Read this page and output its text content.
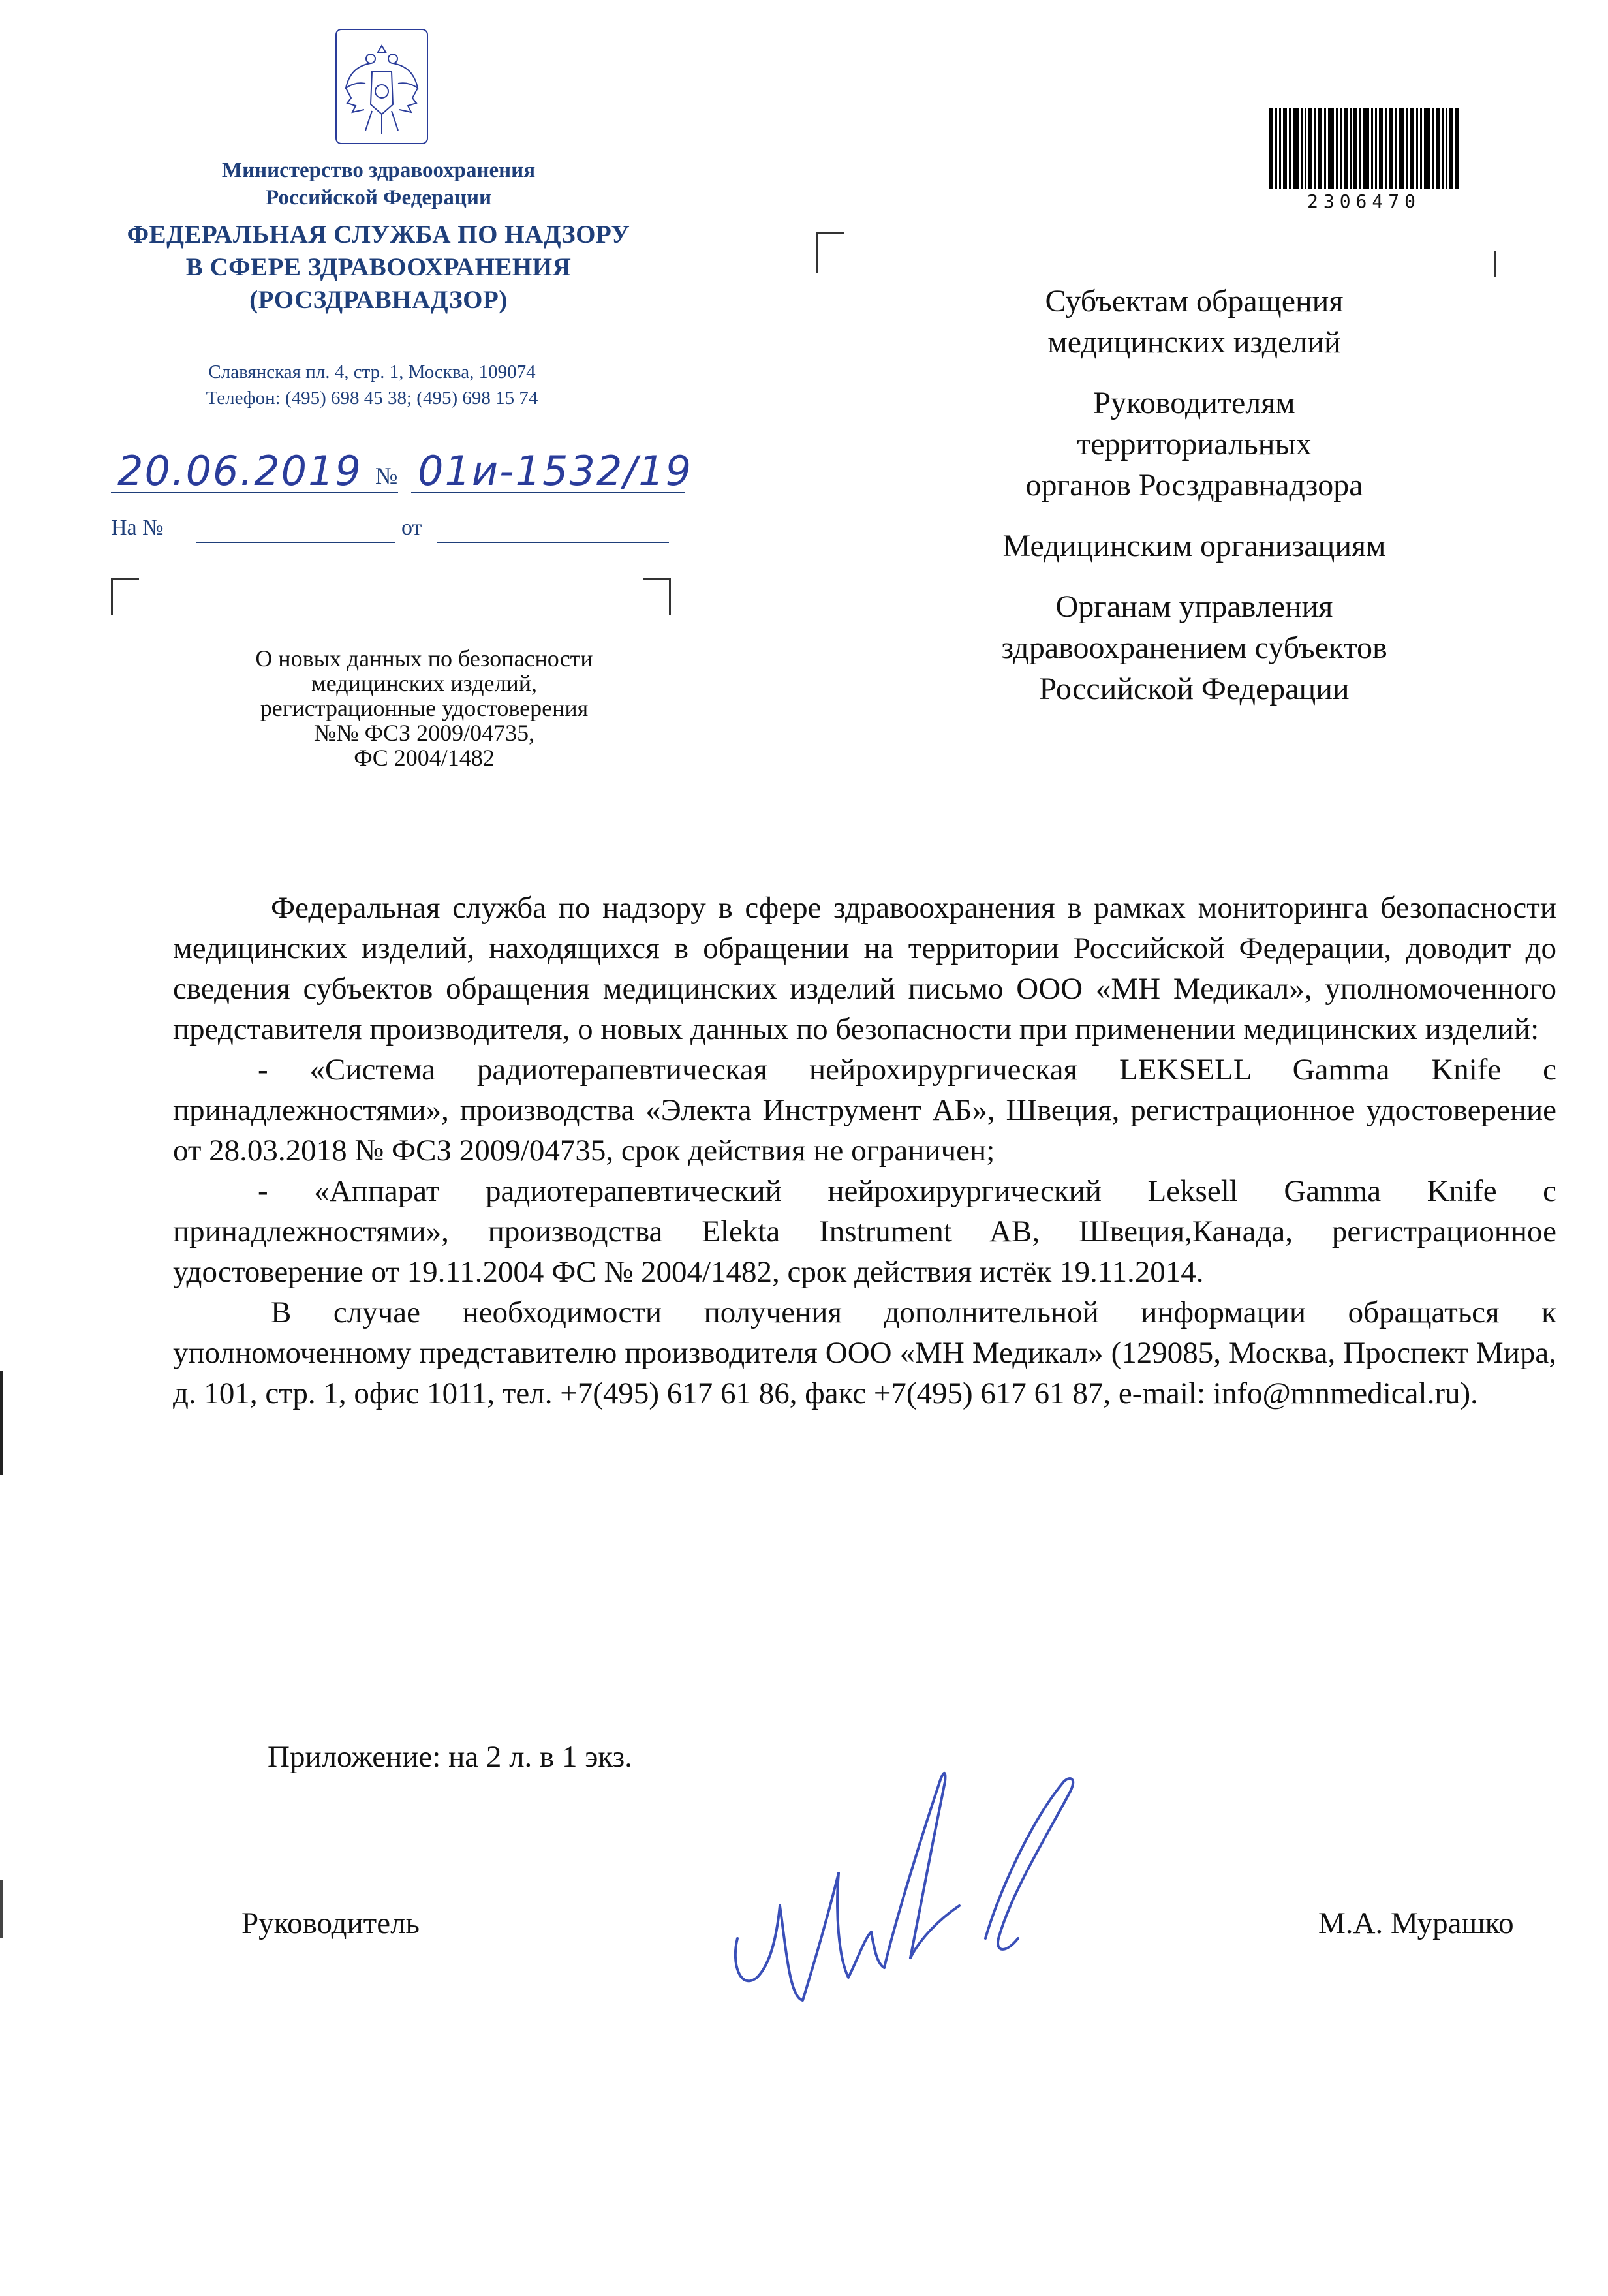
Министерство здравоохранения
Российской Федерации
ФЕДЕРАЛЬНАЯ СЛУЖБА ПО НАДЗОРУ
В СФЕРЕ ЗДРАВООХРАНЕНИЯ
(РОСЗДРАВНАДЗОР)
Славянская пл. 4, стр. 1, Москва, 109074
Телефон: (495) 698 45 38; (495) 698 15 74
20.06.2019 № 01и-1532/19
На №	от
2306470
Субъектам обращения
медицинских изделий
Руководителям
территориальных
органов Росздравнадзора
Медицинским организациям
Органам управления
здравоохранением субъектов
Российской Федерации
О новых данных по безопасности
медицинских изделий,
регистрационные удостоверения
№№ ФСЗ 2009/04735,
ФС 2004/1482

Федеральная служба по надзору в сфере здравоохранения в рамках мониторинга безопасности медицинских изделий, находящихся в обращении на территории Российской Федерации, доводит до сведения субъектов обращения медицинских изделий письмо ООО «МН Медикал», уполномоченного представителя производителя, о новых данных по безопасности при применении медицинских изделий:

- «Система радиотерапевтическая нейрохирургическая LEKSELL Gamma Knife с принадлежностями», производства «Электа Инструмент АБ», Швеция, регистрационное удостоверение от 28.03.2018 № ФСЗ 2009/04735, срок действия не ограничен;

- «Аппарат радиотерапевтический нейрохирургический Leksell Gamma Knife с принадлежностями», производства Elekta Instrument AB, Швеция,Канада, регистрационное удостоверение от 19.11.2004 ФС № 2004/1482, срок действия истёк 19.11.2014.

В случае необходимости получения дополнительной информации обращаться к уполномоченному представителю производителя ООО «МН Медикал» (129085, Москва, Проспект Мира, д. 101, стр. 1, офис 1011, тел. +7(495) 617 61 86, факс +7(495) 617 61 87, e-mail: info@mnmedical.ru).

Приложение: на 2 л. в 1 экз.
Руководитель	М.А. Мурашко
